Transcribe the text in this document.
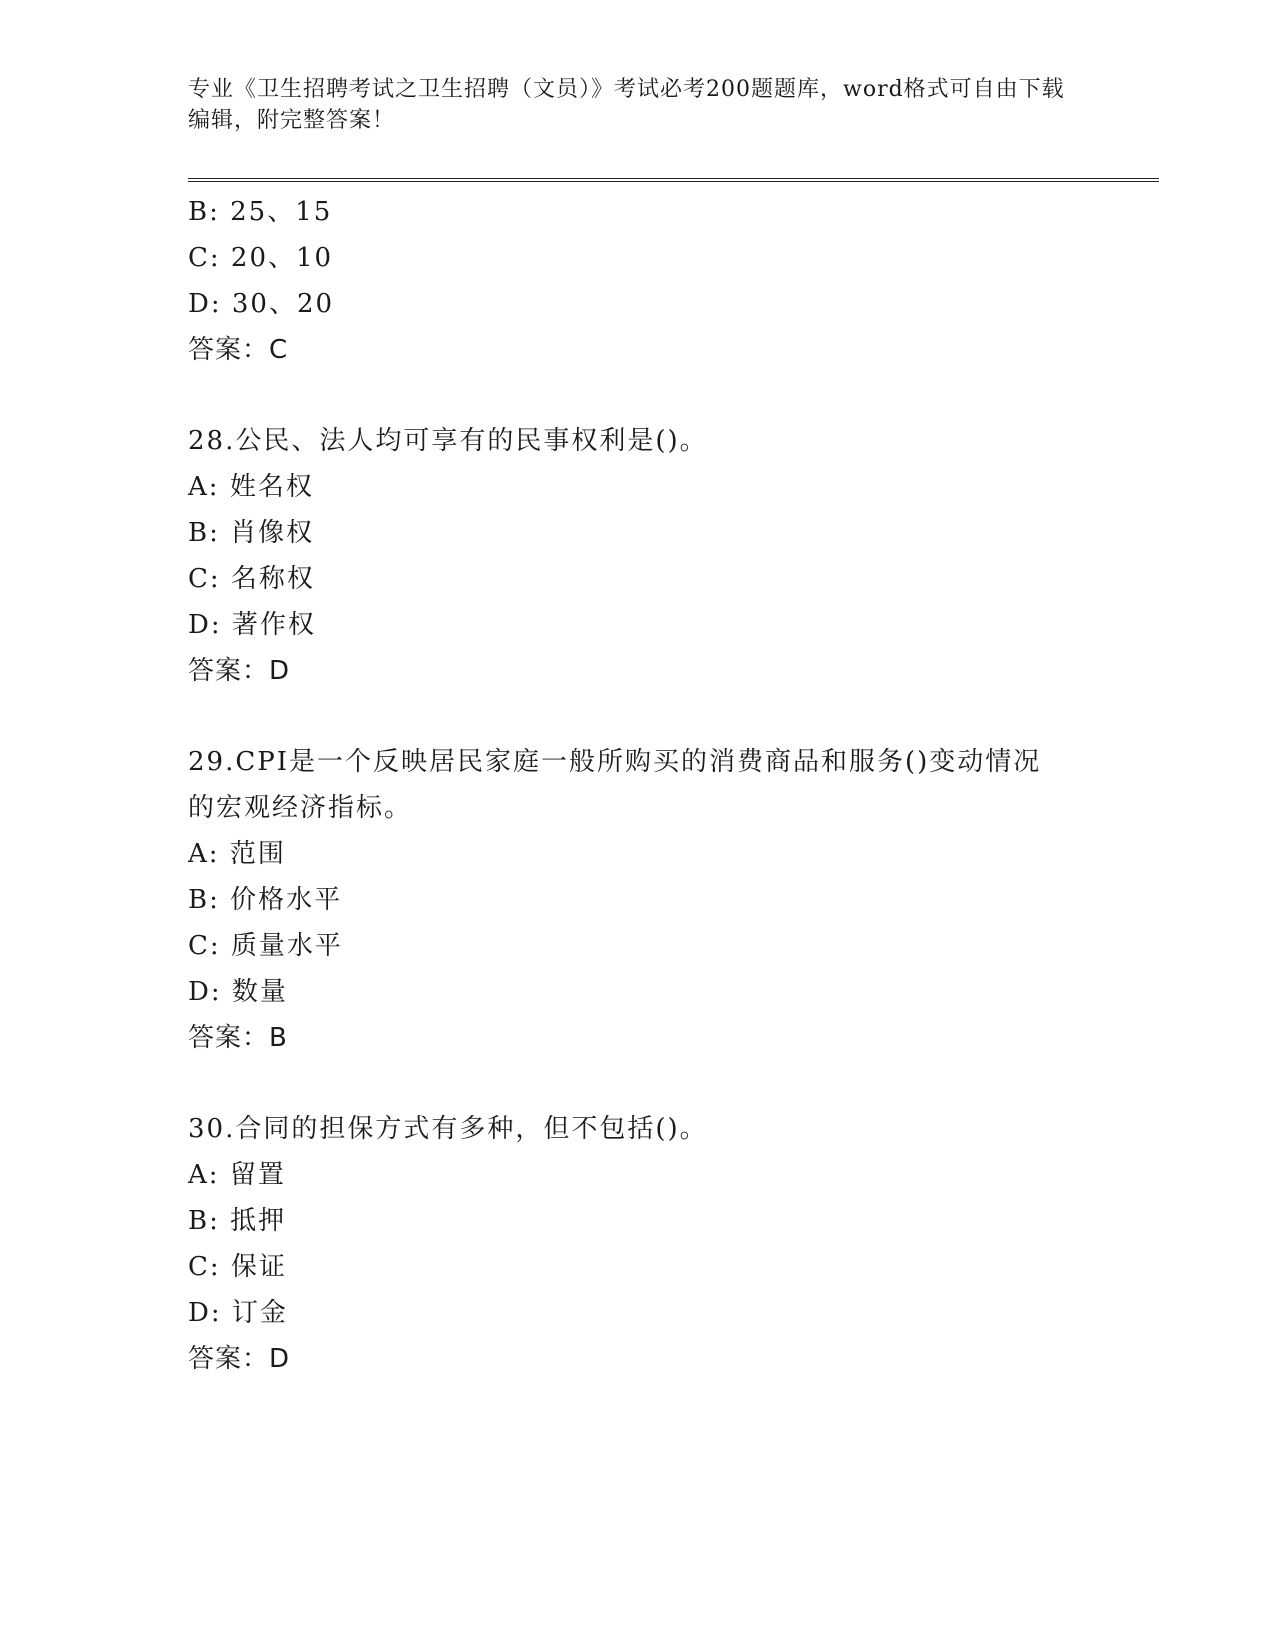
专业《卫生招聘考试之卫生招聘（文员）》考试必考200题题库，word格式可自由下载编辑，附完整答案！
B: 25、15
C: 20、10
D: 30、20
答案：C
28.公民、法人均可享有的民事权利是()。
A: 姓名权
B: 肖像权
C: 名称权
D: 著作权
答案：D
29.CPI是一个反映居民家庭一般所购买的消费商品和服务()变动情况的宏观经济指标。
A: 范围
B: 价格水平
C: 质量水平
D: 数量
答案：B
30.合同的担保方式有多种，但不包括()。
A: 留置
B: 抵押
C: 保证
D: 订金
答案：D
